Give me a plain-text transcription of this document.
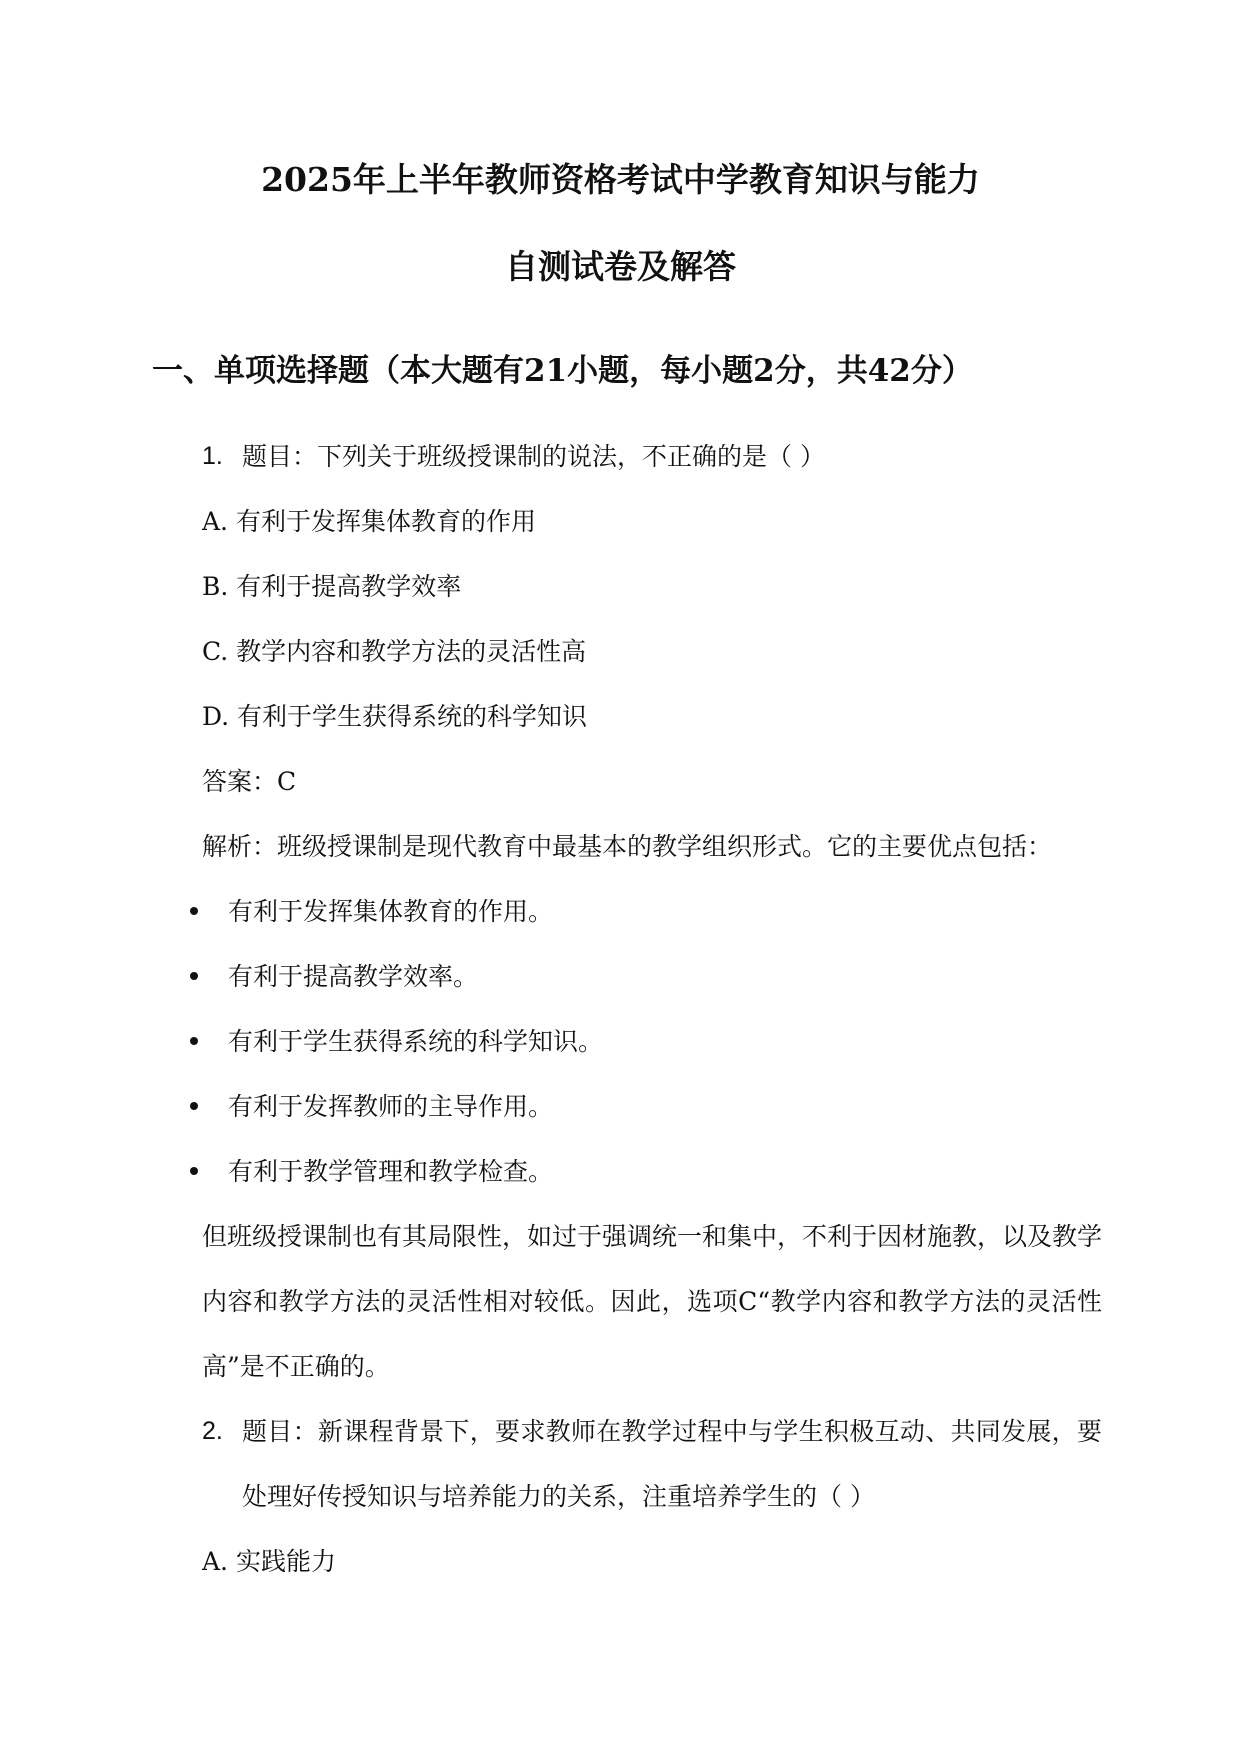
2025年上半年教师资格考试中学教育知识与能力
自测试卷及解答
一、单项选择题（本大题有21小题，每小题2分，共42分）
1. 题目：下列关于班级授课制的说法，不正确的是（ ）
A. 有利于发挥集体教育的作用
B. 有利于提高教学效率
C. 教学内容和教学方法的灵活性高
D. 有利于学生获得系统的科学知识
答案：C
解析：班级授课制是现代教育中最基本的教学组织形式。它的主要优点包括：
有利于发挥集体教育的作用。
有利于提高教学效率。
有利于学生获得系统的科学知识。
有利于发挥教师的主导作用。
有利于教学管理和教学检查。
但班级授课制也有其局限性，如过于强调统一和集中，不利于因材施教，以及教学内容和教学方法的灵活性相对较低。因此，选项C“教学内容和教学方法的灵活性高”是不正确的。
2. 题目：新课程背景下，要求教师在教学过程中与学生积极互动、共同发展，要处理好传授知识与培养能力的关系，注重培养学生的（ ）
A. 实践能力
